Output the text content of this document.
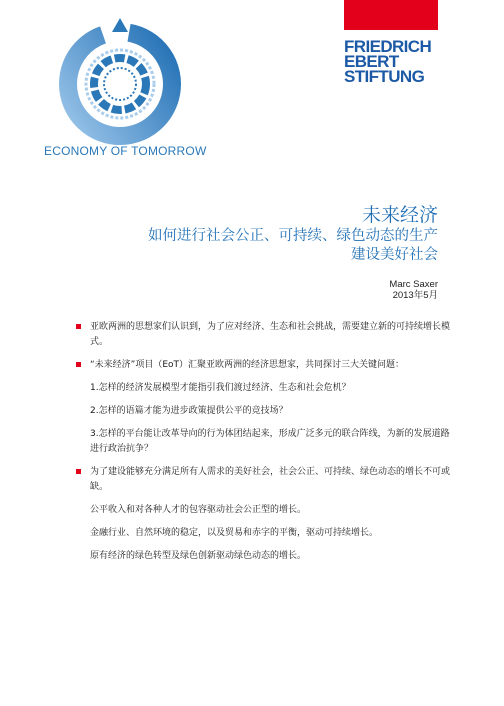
ECONOMY OF TOMORROW
FRIEDRICH
EBERT
STIFTUNG
未来经济
如何进行社会公正、可持续、绿色动态的生产
建设美好社会
Marc Saxer
2013年5月
亚欧两洲的思想家们认识到，为了应对经济、生态和社会挑战，需要建立新的可持续增长模式。
“未来经济”项目（EoT）汇聚亚欧两洲的经济思想家，共同探讨三大关键问题：
1.怎样的经济发展模型才能指引我们渡过经济、生态和社会危机？
2.怎样的语篇才能为进步政策提供公平的竞技场？
3.怎样的平台能让改革导向的行为体团结起来，形成广泛多元的联合阵线，为新的发展道路进行政治抗争？
为了建设能够充分满足所有人需求的美好社会，社会公正、可持续、绿色动态的增长不可或缺。
公平收入和对各种人才的包容驱动社会公正型的增长。
金融行业、自然环境的稳定，以及贸易和赤字的平衡，驱动可持续增长。
原有经济的绿色转型及绿色创新驱动绿色动态的增长。
